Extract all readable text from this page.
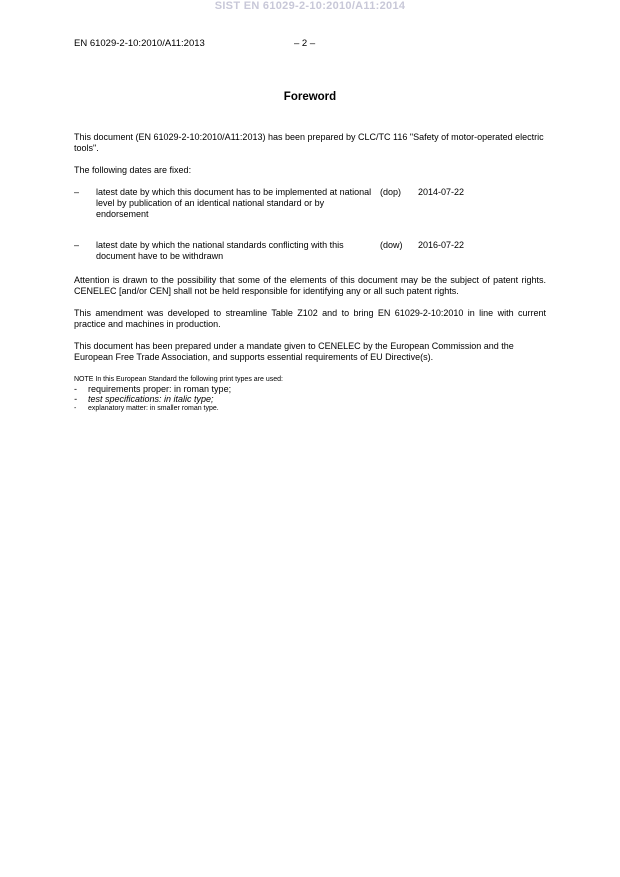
SIST EN 61029-2-10:2010/A11:2014
EN 61029-2-10:2010/A11:2013	– 2 –
Foreword

This document (EN 61029-2-10:2010/A11:2013) has been prepared by CLC/TC 116 "Safety of motor-operated electric tools".

The following dates are fixed:

– latest date by which this document has to be implemented at national level by publication of an identical national standard or by endorsement
(dop) 2014-07-22
– latest date by which the national standards conflicting with this document have to be withdrawn
(dow) 2016-07-22

Attention is drawn to the possibility that some of the elements of this document may be the subject of patent rights. CENELEC [and/or CEN] shall not be held responsible for identifying any or all such patent rights.

This amendment was developed to streamline Table Z102 and to bring EN 61029-2-10:2010 in line with current practice and machines in production.

This document has been prepared under a mandate given to CENELEC by the European Commission and the European Free Trade Association, and supports essential requirements of EU Directive(s).

NOTE In this European Standard the following print types are used:
- requirements proper: in roman type;
- test specifications: in italic type;
- explanatory matter: in smaller roman type.
